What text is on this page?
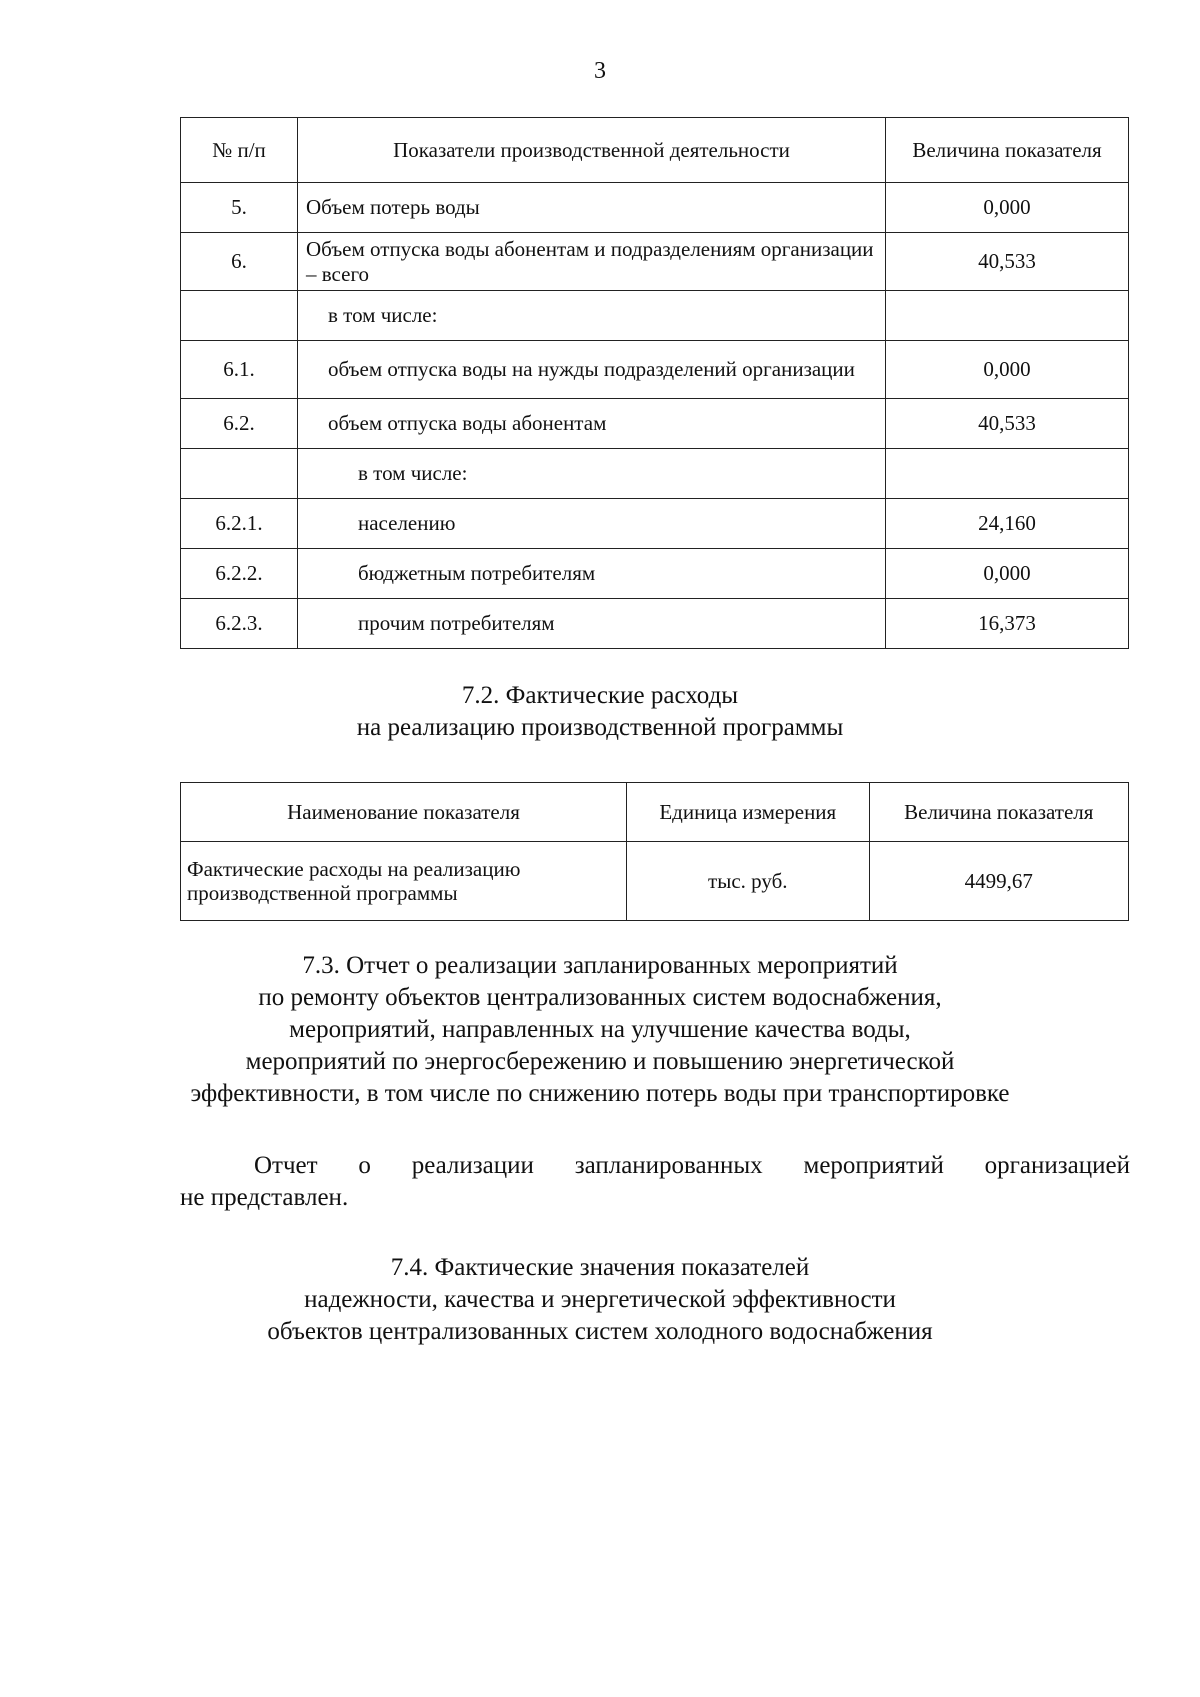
3
№ п/п	Показатели производственной деятельности	Величина показателя
5.	Объем потерь воды	0,000
6.	Объем отпуска воды абонентам и подразделениям организации – всего	40,533
	в том числе:	
6.1.	объем отпуска воды на нужды подразделений организации	0,000
6.2.	объем отпуска воды абонентам	40,533
	в том числе:	
6.2.1.	населению	24,160
6.2.2.	бюджетным потребителям	0,000
6.2.3.	прочим потребителям	16,373
7.2. Фактические расходы
на реализацию производственной программы
Наименование показателя	Единица измерения	Величина показателя
Фактические расходы на реализацию производственной программы	тыс. руб.	4499,67
7.3. Отчет о реализации запланированных мероприятий
по ремонту объектов централизованных систем водоснабжения,
мероприятий, направленных на улучшение качества воды,
мероприятий по энергосбережению и повышению энергетической
эффективности, в том числе по снижению потерь воды при транспортировке
Отчет о реализации запланированных мероприятий организацией
не представлен.
7.4. Фактические значения показателей
надежности, качества и энергетической эффективности
объектов централизованных систем холодного водоснабжения
